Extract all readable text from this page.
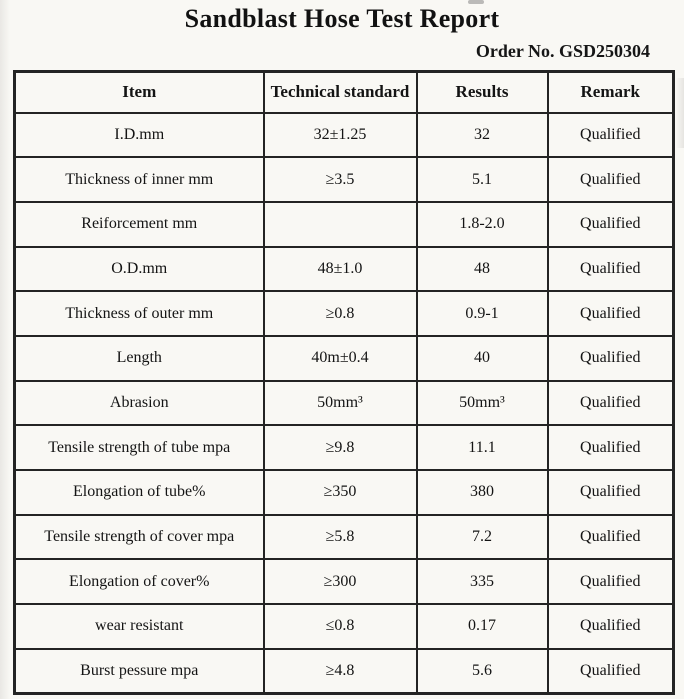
Sandblast Hose Test Report
Order No. GSD250304
Item	Technical standard	Results	Remark
I.D.mm	32±1.25	32	Qualified
Thickness of inner mm	≥3.5	5.1	Qualified
Reiforcement mm		1.8-2.0	Qualified
O.D.mm	48±1.0	48	Qualified
Thickness of outer mm	≥0.8	0.9-1	Qualified
Length	40m±0.4	40	Qualified
Abrasion	50mm³	50mm³	Qualified
Tensile strength of tube mpa	≥9.8	11.1	Qualified
Elongation of tube%	≥350	380	Qualified
Tensile strength of cover mpa	≥5.8	7.2	Qualified
Elongation of cover%	≥300	335	Qualified
wear resistant	≤0.8	0.17	Qualified
Burst pessure mpa	≥4.8	5.6	Qualified
